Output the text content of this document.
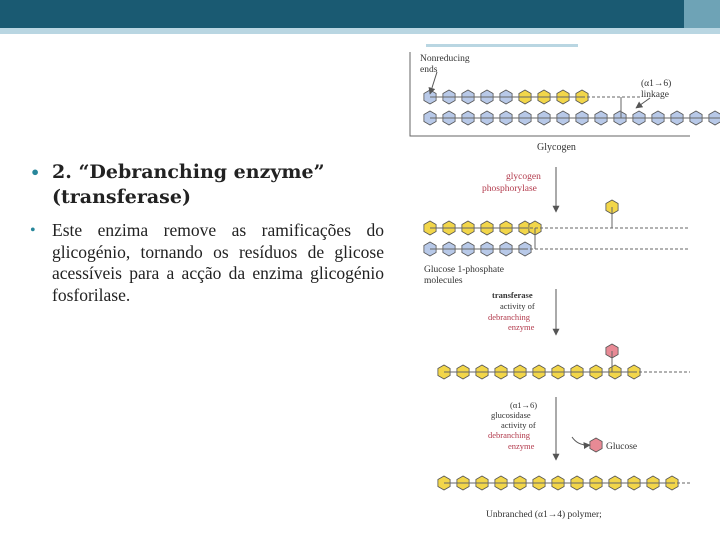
• 2. “Debranching enzyme” (transferase)
• Este enzima remove as ramificações do glicogénio, tornando os resíduos de glicose acessíveis para a acção da enzima glicogénio fosforilase.
Nonreducing
ends
(α1→6)
linkage
Glycogen
glycogen
phosphorylase
Glucose 1-phosphate
molecules
transferase
activity of
debranching
enzyme
(α1→6)
glucosidase
activity of
debranching
enzyme	Glucose
Unbranched (α1→4) polymer;
